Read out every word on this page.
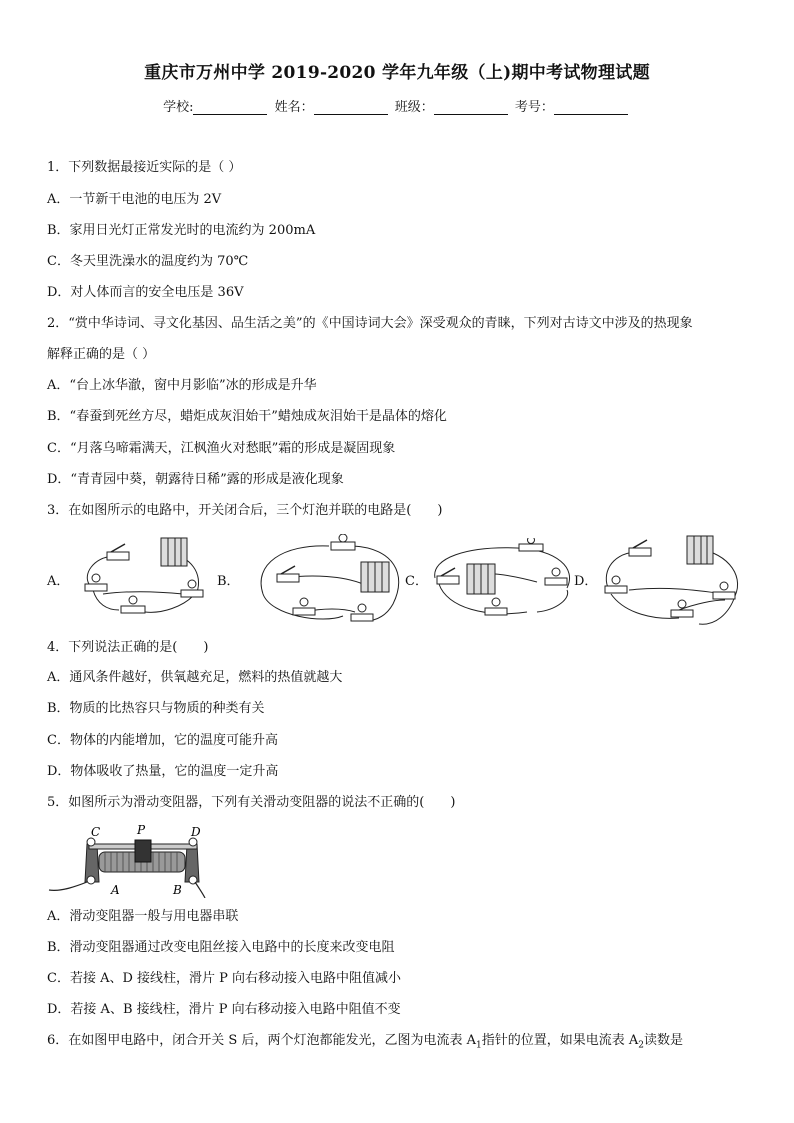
重庆市万州中学 2019-2020 学年九年级（上)期中考试物理试题
学校:	姓名：	班级：	考号：
1．下列数据最接近实际的是（ ）
A．一节新干电池的电压为 2V
B．家用日光灯正常发光时的电流约为 200mA
C．冬天里洗澡水的温度约为 70℃
D．对人体而言的安全电压是 36V
2．“赏中华诗词、寻文化基因、品生活之美”的《中国诗词大会》深受观众的青睐，下列对古诗文中涉及的热现象
解释正确的是（ ）
A．“台上冰华澈，窗中月影临”冰的形成是升华
B．“春蚕到死丝方尽，蜡炬成灰泪始干”蜡烛成灰泪始干是晶体的熔化
C．“月落乌啼霜满天，江枫渔火对愁眠”霜的形成是凝固现象
D．“青青园中葵，朝露待日稀”露的形成是液化现象
3．在如图所示的电路中，开关闭合后，三个灯泡并联的电路是(　　)
A．	B．	C．	D．
4．下列说法正确的是(　　)
A．通风条件越好，供氧越充足，燃料的热值就越大
B．物质的比热容只与物质的种类有关
C．物体的内能增加，它的温度可能升高
D．物体吸收了热量，它的温度一定升高
5．如图所示为滑动变阻器，下列有关滑动变阻器的说法不正确的(　　)
C	P	D
A	B
A．滑动变阻器一般与用电器串联
B．滑动变阻器通过改变电阻丝接入电路中的长度来改变电阻
C．若接 A、D 接线柱，滑片 P 向右移动接入电路中阻值减小
D．若接 A、B 接线柱，滑片 P 向右移动接入电路中阻值不变
6．在如图甲电路中，闭合开关 S 后，两个灯泡都能发光，乙图为电流表 $A_1$指针的位置，如果电流表 $A_2$读数是
